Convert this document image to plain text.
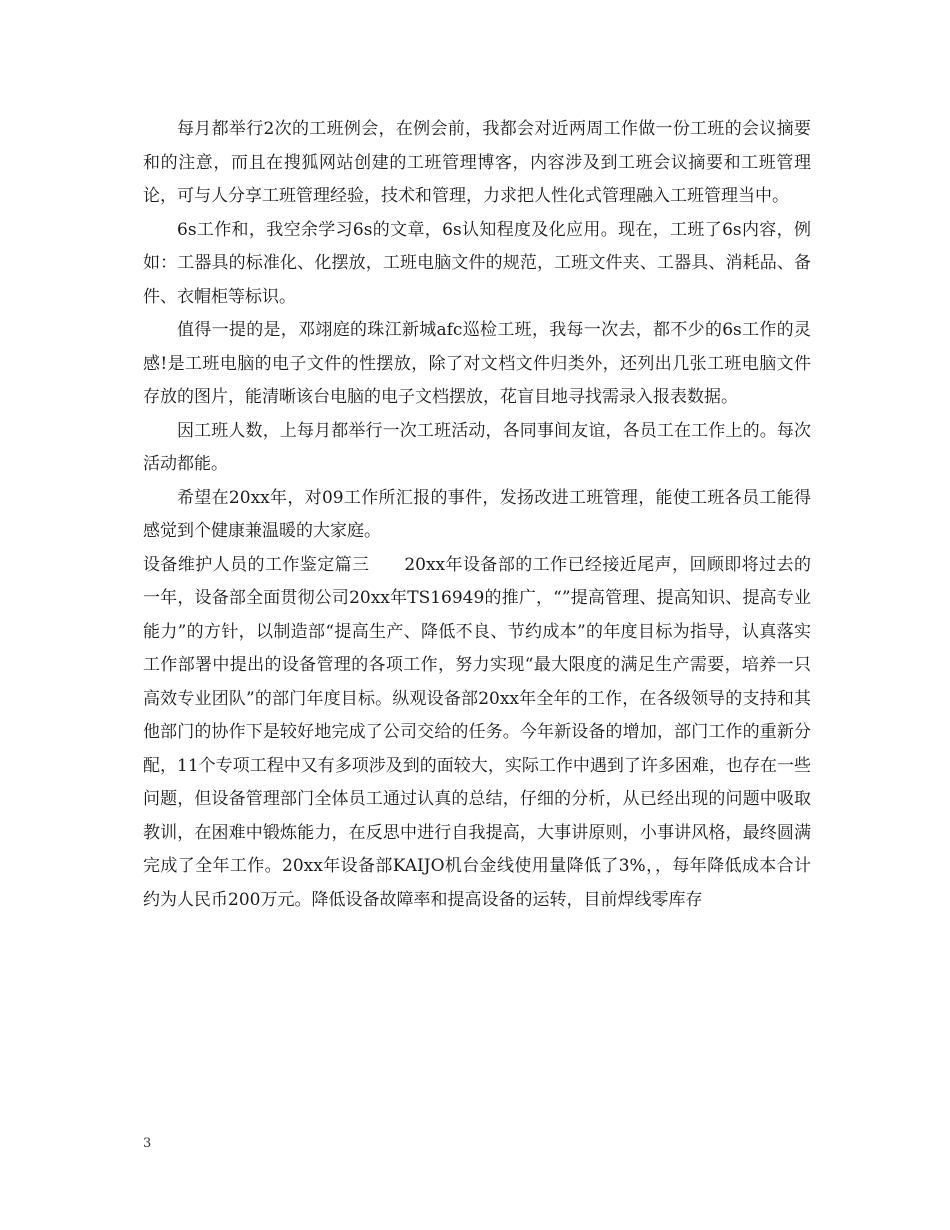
每月都举行2次的工班例会，在例会前，我都会对近两周工作做一份工班的会议摘要和的注意，而且在搜狐网站创建的工班管理博客，内容涉及到工班会议摘要和工班管理论，可与人分享工班管理经验，技术和管理，力求把人性化式管理融入工班管理当中。

6s工作和，我空余学习6s的文章，6s认知程度及化应用。现在，工班了6s内容，例如：工器具的标准化、化摆放，工班电脑文件的规范，工班文件夹、工器具、消耗品、备件、衣帽柜等标识。

值得一提的是，邓翊庭的珠江新城afc巡检工班，我每一次去，都不少的6s工作的灵感!是工班电脑的电子文件的性摆放，除了对文档文件归类外，还列出几张工班电脑文件存放的图片，能清晰该台电脑的电子文档摆放，花盲目地寻找需录入报表数据。

因工班人数，上每月都举行一次工班活动，各同事间友谊，各员工在工作上的。每次活动都能。

希望在20xx年，对09工作所汇报的事件，发扬改进工班管理，能使工班各员工能得感觉到个健康兼温暖的大家庭。

设备维护人员的工作鉴定篇三　　20xx年设备部的工作已经接近尾声，回顾即将过去的一年，设备部全面贯彻公司20xx年TS16949的推广，“”提高管理、提高知识、提高专业能力”的方针，以制造部“提高生产、降低不良、节约成本”的年度目标为指导，认真落实工作部署中提出的设备管理的各项工作，努力实现“最大限度的满足生产需要，培养一只高效专业团队”的部门年度目标。纵观设备部20xx年全年的工作，在各级领导的支持和其他部门的协作下是较好地完成了公司交给的任务。今年新设备的增加，部门工作的重新分配，11个专项工程中又有多项涉及到的面较大，实际工作中遇到了许多困难，也存在一些问题，但设备管理部门全体员工通过认真的总结，仔细的分析，从已经出现的问题中吸取教训，在困难中锻炼能力，在反思中进行自我提高，大事讲原则，小事讲风格，最终圆满完成了全年工作。20xx年设备部KAIJO机台金线使用量降低了3%，，每年降低成本合计约为人民币200万元。降低设备故障率和提高设备的运转，目前焊线零库存

3
